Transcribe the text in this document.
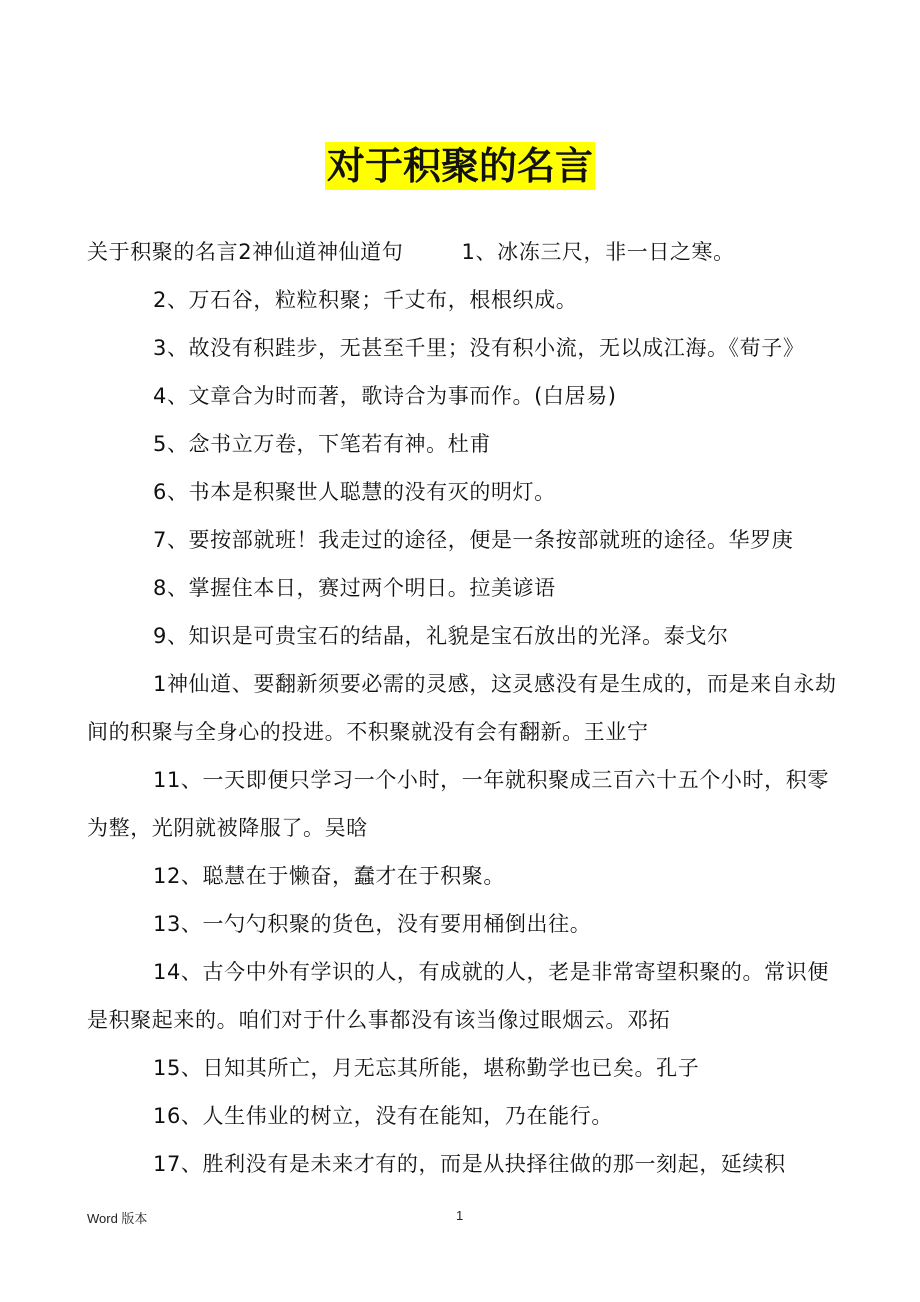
对于积聚的名言

关于积聚的名言2神仙道神仙道句        1、冰冻三尺，非一日之寒。

2、万石谷，粒粒积聚；千丈布，根根织成。

3、故没有积跬步，无甚至千里；没有积小流，无以成江海。《荀子》

4、文章合为时而著，歌诗合为事而作。(白居易)

5、念书立万卷，下笔若有神。杜甫

6、书本是积聚世人聪慧的没有灭的明灯。

7、要按部就班！我走过的途径，便是一条按部就班的途径。华罗庚

8、掌握住本日，赛过两个明日。拉美谚语

9、知识是可贵宝石的结晶，礼貌是宝石放出的光泽。泰戈尔

1神仙道、要翻新须要必需的灵感，这灵感没有是生成的，而是来自永劫间的积聚与全身心的投进。不积聚就没有会有翻新。王业宁

11、一天即便只学习一个小时，一年就积聚成三百六十五个小时，积零为整，光阴就被降服了。吴晗

12、聪慧在于懒奋，蠢才在于积聚。

13、一勺勺积聚的货色，没有要用桶倒出往。

14、古今中外有学识的人，有成就的人，老是非常寄望积聚的。常识便是积聚起来的。咱们对于什么事都没有该当像过眼烟云。邓拓

15、日知其所亡，月无忘其所能，堪称勤学也已矣。孔子

16、人生伟业的树立，没有在能知，乃在能行。

17、胜利没有是未来才有的，而是从抉择往做的那一刻起，延续积

Word 版本	1
